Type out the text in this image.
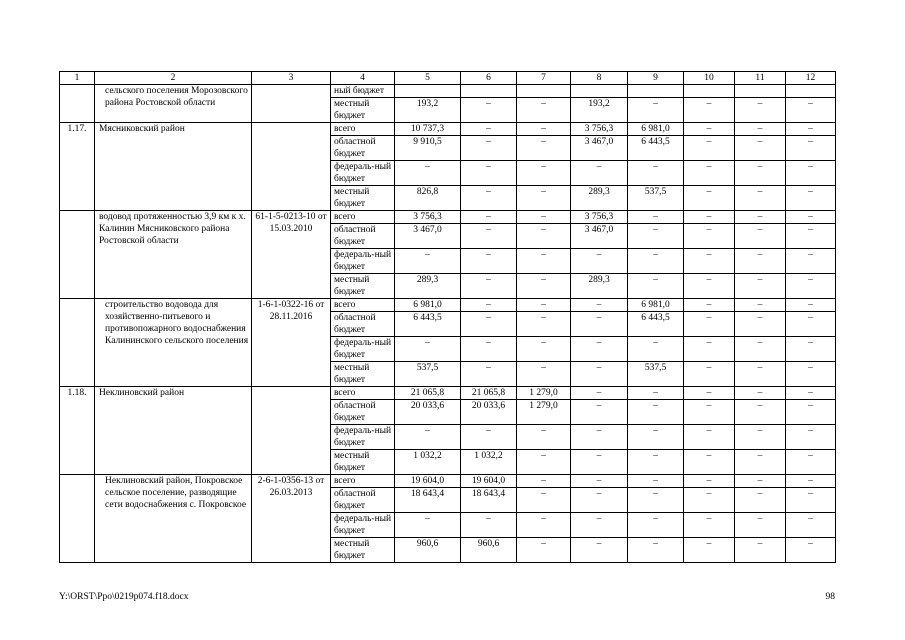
1	2	3	4	5	6	7	8	9	10	11	12
	сельского поселения Морозовского района Ростовской области		ный бюджет								
			местный бюджет	193,2	–	–	193,2	–	–	–	–
1.17.	Мясниковский район		всего	10 737,3	–	–	3 756,3	6 981,0	–	–	–
			областной бюджет	9 910,5	–	–	3 467,0	6 443,5	–	–	–
			федераль-ный бюджет	–	–	–	–	–	–	–	–
			местный бюджет	826,8	–	–	289,3	537,5	–	–	–
	водовод протяженностью 3,9 км к х. Калинин Мясниковского района Ростовской области	61-1-5-0213-10 от 15.03.2010	всего	3 756,3	–	–	3 756,3	–	–	–	–
			областной бюджет	3 467,0	–	–	3 467,0	–	–	–	–
			федераль-ный бюджет	–	–	–	–	–	–	–	–
			местный бюджет	289,3	–	–	289,3	–	–	–	–
	строительство водовода для хозяйственно-питьевого и противопожарного водоснабжения Калининского сельского поселения	1-6-1-0322-16 от 28.11.2016	всего	6 981,0	–	–	–	6 981,0	–	–	–
			областной бюджет	6 443,5	–	–	–	6 443,5	–	–	–
			федераль-ный бюджет	–	–	–	–	–	–	–	–
			местный бюджет	537,5	–	–	–	537,5	–	–	–
1.18.	Неклиновский район		всего	21 065,8	21 065,8	1 279,0	–	–	–	–	–
			областной бюджет	20 033,6	20 033,6	1 279,0	–	–	–	–	–
			федераль-ный бюджет	–	–	–	–	–	–	–	–
			местный бюджет	1 032,2	1 032,2	–	–	–	–	–	–
	Неклиновский район, Покровское сельское поселение, разводящие сети водоснабжения с. Покровское	2-6-1-0356-13 от 26.03.2013	всего	19 604,0	19 604,0	–	–	–	–	–	–
			областной бюджет	18 643,4	18 643,4	–	–	–	–	–	–
			федераль-ный бюджет	–	–	–	–	–	–	–	–
			местный бюджет	960,6	960,6	–	–	–	–	–	–
Y:\ORST\Ppo\0219p074.f18.docx	98
